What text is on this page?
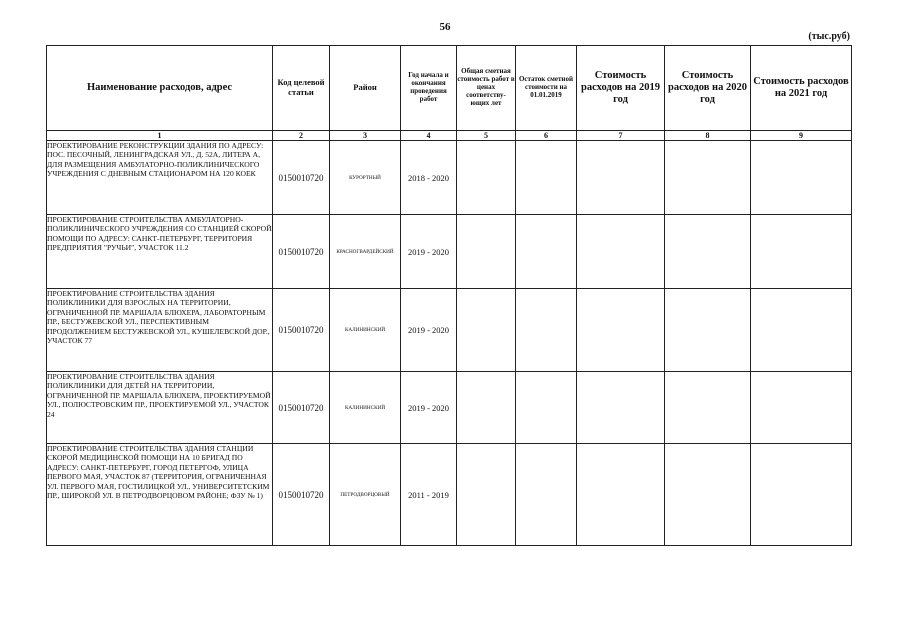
56
(тыс.руб)
Наименование расходов, адрес	Код целевой статьи	Район	Год начала и окончания проведения работ	Общая сметная стоимость работ в ценах соответству-ющих лет	Остаток сметной стоимости на 01.01.2019	Стоимость расходов на 2019 год	Стоимость расходов на 2020 год	Стоимость расходов на 2021 год
1	2	3	4	5	6	7	8	9
ПРОЕКТИРОВАНИЕ РЕКОНСТРУКЦИИ ЗДАНИЯ ПО АДРЕСУ: ПОС. ПЕСОЧНЫЙ, ЛЕНИНГРАДСКАЯ УЛ., Д. 52А, ЛИТЕРА А, ДЛЯ РАЗМЕЩЕНИЯ АМБУЛАТОРНО-ПОЛИКЛИНИЧЕСКОГО УЧРЕЖДЕНИЯ С ДНЕВНЫМ СТАЦИОНАРОМ НА 120 КОЕК	0150010720	КУРОРТНЫЙ	2018 - 2020					
ПРОЕКТИРОВАНИЕ СТРОИТЕЛЬСТВА АМБУЛАТОРНО-ПОЛИКЛИНИЧЕСКОГО УЧРЕЖДЕНИЯ СО СТАНЦИЕЙ СКОРОЙ ПОМОЩИ ПО АДРЕСУ: САНКТ-ПЕТЕРБУРГ, ТЕРРИТОРИЯ ПРЕДПРИЯТИЯ "РУЧЬИ", УЧАСТОК 11.2	0150010720	КРАСНОГВАРДЕЙСКИЙ	2019 - 2020					
ПРОЕКТИРОВАНИЕ СТРОИТЕЛЬСТВА ЗДАНИЯ ПОЛИКЛИНИКИ ДЛЯ ВЗРОСЛЫХ НА ТЕРРИТОРИИ, ОГРАНИЧЕННОЙ ПР. МАРШАЛА БЛЮХЕРА, ЛАБОРАТОРНЫМ ПР., БЕСТУЖЕВСКОЙ УЛ., ПЕРСПЕКТИВНЫМ ПРОДОЛЖЕНИЕМ БЕСТУЖЕВСКОЙ УЛ., КУШЕЛЕВСКОЙ ДОР., УЧАСТОК 77	0150010720	КАЛИНИНСКИЙ	2019 - 2020					
ПРОЕКТИРОВАНИЕ СТРОИТЕЛЬСТВА ЗДАНИЯ ПОЛИКЛИНИКИ ДЛЯ ДЕТЕЙ НА ТЕРРИТОРИИ, ОГРАНИЧЕННОЙ ПР. МАРШАЛА БЛЮХЕРА, ПРОЕКТИРУЕМОЙ УЛ., ПОЛЮСТРОВСКИМ ПР., ПРОЕКТИРУЕМОЙ УЛ., УЧАСТОК 24	0150010720	КАЛИНИНСКИЙ	2019 - 2020					
ПРОЕКТИРОВАНИЕ СТРОИТЕЛЬСТВА ЗДАНИЯ СТАНЦИИ СКОРОЙ МЕДИЦИНСКОЙ ПОМОЩИ НА 10 БРИГАД ПО АДРЕСУ: САНКТ-ПЕТЕРБУРГ, ГОРОД ПЕТЕРГОФ, УЛИЦА ПЕРВОГО МАЯ, УЧАСТОК 87 (ТЕРРИТОРИЯ, ОГРАНИЧЕННАЯ УЛ. ПЕРВОГО МАЯ, ГОСТИЛИЦКОЙ УЛ., УНИВЕРСИТЕТСКИМ ПР., ШИРОКОЙ УЛ. В ПЕТРОДВОРЦОВОМ РАЙОНЕ; ФЗУ № 1)	0150010720	ПЕТРОДВОРЦОВЫЙ	2011 - 2019					
